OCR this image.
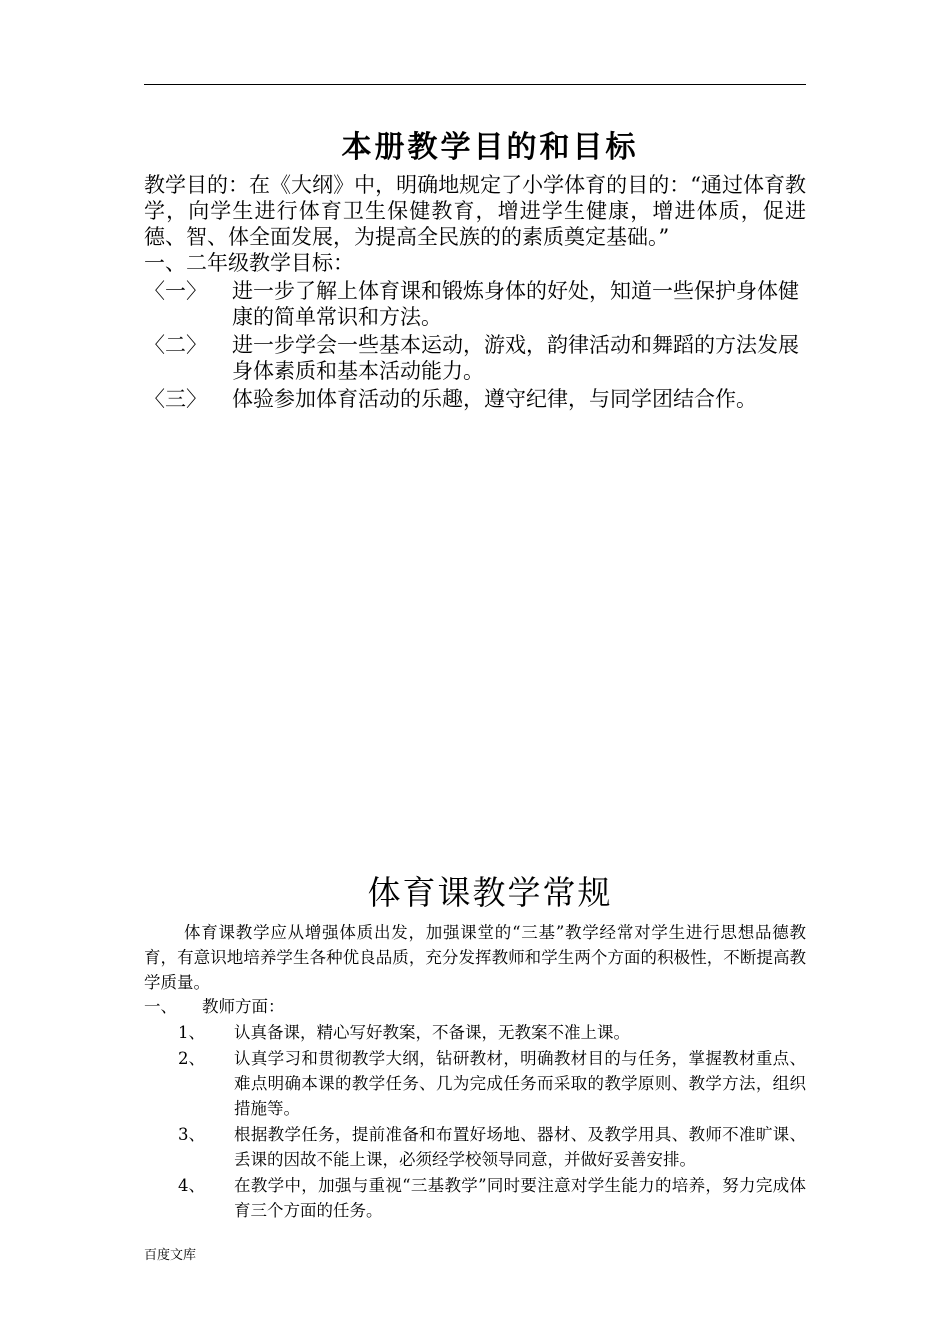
本册教学目的和目标

教学目的：在《大纲》中，明确地规定了小学体育的目的：“通过体育教学，向学生进行体育卫生保健教育，增进学生健康，增进体质，促进德、智、体全面发展，为提高全民族的的素质奠定基础。”

一、二年级教学目标：

〈一〉	进一步了解上体育课和锻炼身体的好处，知道一些保护身体健康的简单常识和方法。
〈二〉	进一步学会一些基本运动，游戏，韵律活动和舞蹈的方法发展身体素质和基本活动能力。
〈三〉	体验参加体育活动的乐趣，遵守纪律，与同学团结合作。
体育课教学常规

体育课教学应从增强体质出发，加强课堂的“三基”教学经常对学生进行思想品德教育，有意识地培养学生各种优良品质，充分发挥教师和学生两个方面的积极性，不断提高教学质量。

一、	教师方面：

1、	认真备课，精心写好教案，不备课，无教案不准上课。
2、	认真学习和贯彻教学大纲，钻研教材，明确教材目的与任务，掌握教材重点、难点明确本课的教学任务、几为完成任务而采取的教学原则、教学方法，组织措施等。
3、	根据教学任务，提前准备和布置好场地、器材、及教学用具、教师不准旷课、丢课的因故不能上课，必须经学校领导同意，并做好妥善安排。
4、	在教学中，加强与重视“三基教学”同时要注意对学生能力的培养，努力完成体育三个方面的任务。
百度文库
